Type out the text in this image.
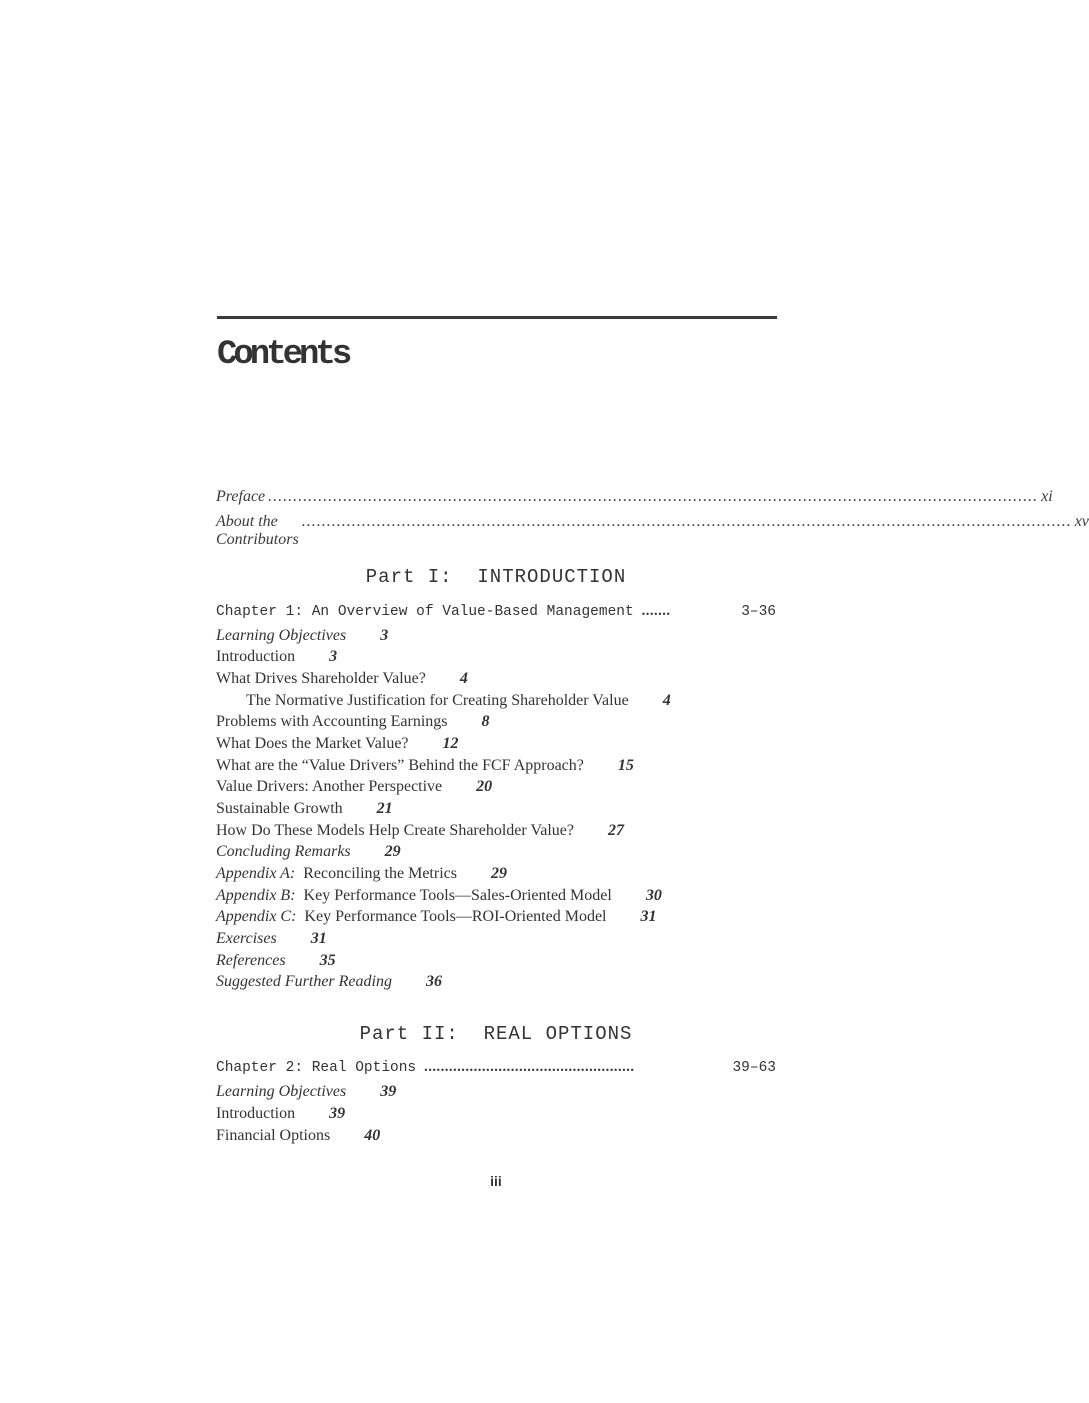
Contents
Preface .......................................................................................................................................................... xi
About the Contributors
.......................................................................................................................................................... xv
Part I: INTRODUCTION
Chapter 1: An Overview of Value-Based Management .......	3–36
Learning Objectives 3
Introduction 3
What Drives Shareholder Value? 4
The Normative Justification for Creating Shareholder Value 4
Problems with Accounting Earnings 8
What Does the Market Value? 12
What are the “Value Drivers” Behind the FCF Approach? 15
Value Drivers: Another Perspective 20
Sustainable Growth 21
How Do These Models Help Create Shareholder Value? 27
Concluding Remarks 29
Appendix A: Reconciling the Metrics 29
Appendix B: Key Performance Tools—Sales-Oriented Model 30
Appendix C: Key Performance Tools—ROI-Oriented Model 31
Exercises 31
References 35
Suggested Further Reading 36
Part II: REAL OPTIONS
Chapter 2: Real Options ...................................................	39–63
Learning Objectives 39
Introduction 39
Financial Options 40
iii
